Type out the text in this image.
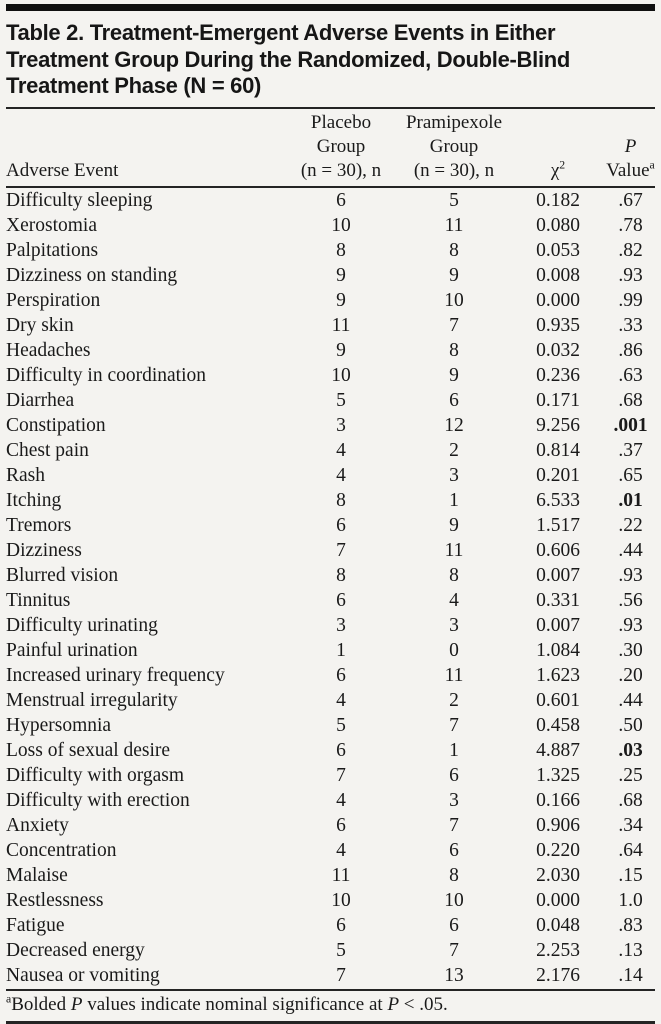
Table 2. Treatment-Emergent Adverse Events in Either
Treatment Group During the Randomized, Double-Blind
Treatment Phase (N = 60)
Adverse Event	Placebo
Group
(n = 30), n	Pramipexole
Group
(n = 30), n	$\chi^2$	P
Value$^a$
Difficulty sleeping	6	5	0.182	.67
Xerostomia	10	11	0.080	.78
Palpitations	8	8	0.053	.82
Dizziness on standing	9	9	0.008	.93
Perspiration	9	10	0.000	.99
Dry skin	11	7	0.935	.33
Headaches	9	8	0.032	.86
Difficulty in coordination	10	9	0.236	.63
Diarrhea	5	6	0.171	.68
Constipation	3	12	9.256	.001
Chest pain	4	2	0.814	.37
Rash	4	3	0.201	.65
Itching	8	1	6.533	.01
Tremors	6	9	1.517	.22
Dizziness	7	11	0.606	.44
Blurred vision	8	8	0.007	.93
Tinnitus	6	4	0.331	.56
Difficulty urinating	3	3	0.007	.93
Painful urination	1	0	1.084	.30
Increased urinary frequency	6	11	1.623	.20
Menstrual irregularity	4	2	0.601	.44
Hypersomnia	5	7	0.458	.50
Loss of sexual desire	6	1	4.887	.03
Difficulty with orgasm	7	6	1.325	.25
Difficulty with erection	4	3	0.166	.68
Anxiety	6	7	0.906	.34
Concentration	4	6	0.220	.64
Malaise	11	8	2.030	.15
Restlessness	10	10	0.000	1.0
Fatigue	6	6	0.048	.83
Decreased energy	5	7	2.253	.13
Nausea or vomiting	7	13	2.176	.14
$^a$Bolded P values indicate nominal significance at P < .05.
